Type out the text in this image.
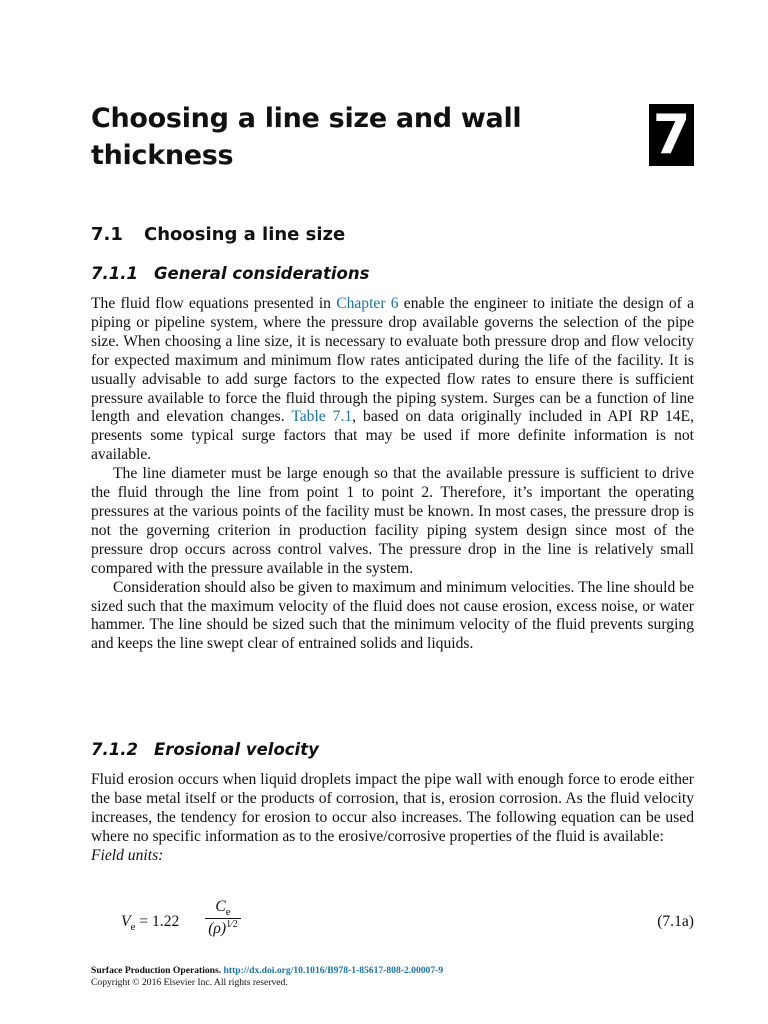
Choosing a line size and wall thickness	7
7.1 Choosing a line size
7.1.1 General considerations

The fluid flow equations presented in Chapter 6 enable the engineer to initiate the design of a piping or pipeline system, where the pressure drop available governs the selection of the pipe size. When choosing a line size, it is necessary to evaluate both pressure drop and flow velocity for expected maximum and minimum flow rates anticipated during the life of the facility. It is usually advisable to add surge factors to the expected flow rates to ensure there is sufficient pressure available to force the fluid through the piping system. Surges can be a function of line length and elevation changes. Table 7.1, based on data originally included in API RP 14E, presents some typical surge factors that may be used if more definite information is not available.

The line diameter must be large enough so that the available pressure is sufficient to drive the fluid through the line from point 1 to point 2. Therefore, it’s important the operating pressures at the various points of the facility must be known. In most cases, the pressure drop is not the governing criterion in production facility piping system design since most of the pressure drop occurs across control valves. The pressure drop in the line is relatively small compared with the pressure available in the system.

Consideration should also be given to maximum and minimum velocities. The line should be sized such that the maximum velocity of the fluid does not cause erosion, excess noise, or water hammer. The line should be sized such that the minimum velocity of the fluid prevents surging and keeps the line swept clear of entrained solids and liquids.

7.1.2 Erosional velocity

Fluid erosion occurs when liquid droplets impact the pipe wall with enough force to erode either the base metal itself or the products of corrosion, that is, erosion corrosion. As the fluid velocity increases, the tendency for erosion to occur also increases. The following equation can be used where no specific information as to the erosive/corrosive properties of the fluid is available:

Field units:

$V_e = 1.22$
$C_e$
$(\rho)^{1⁄2}$	(7.1a)
Surface Production Operations. http://dx.doi.org/10.1016/B978-1-85617-808-2.00007-9
Copyright © 2016 Elsevier Inc. All rights reserved.
